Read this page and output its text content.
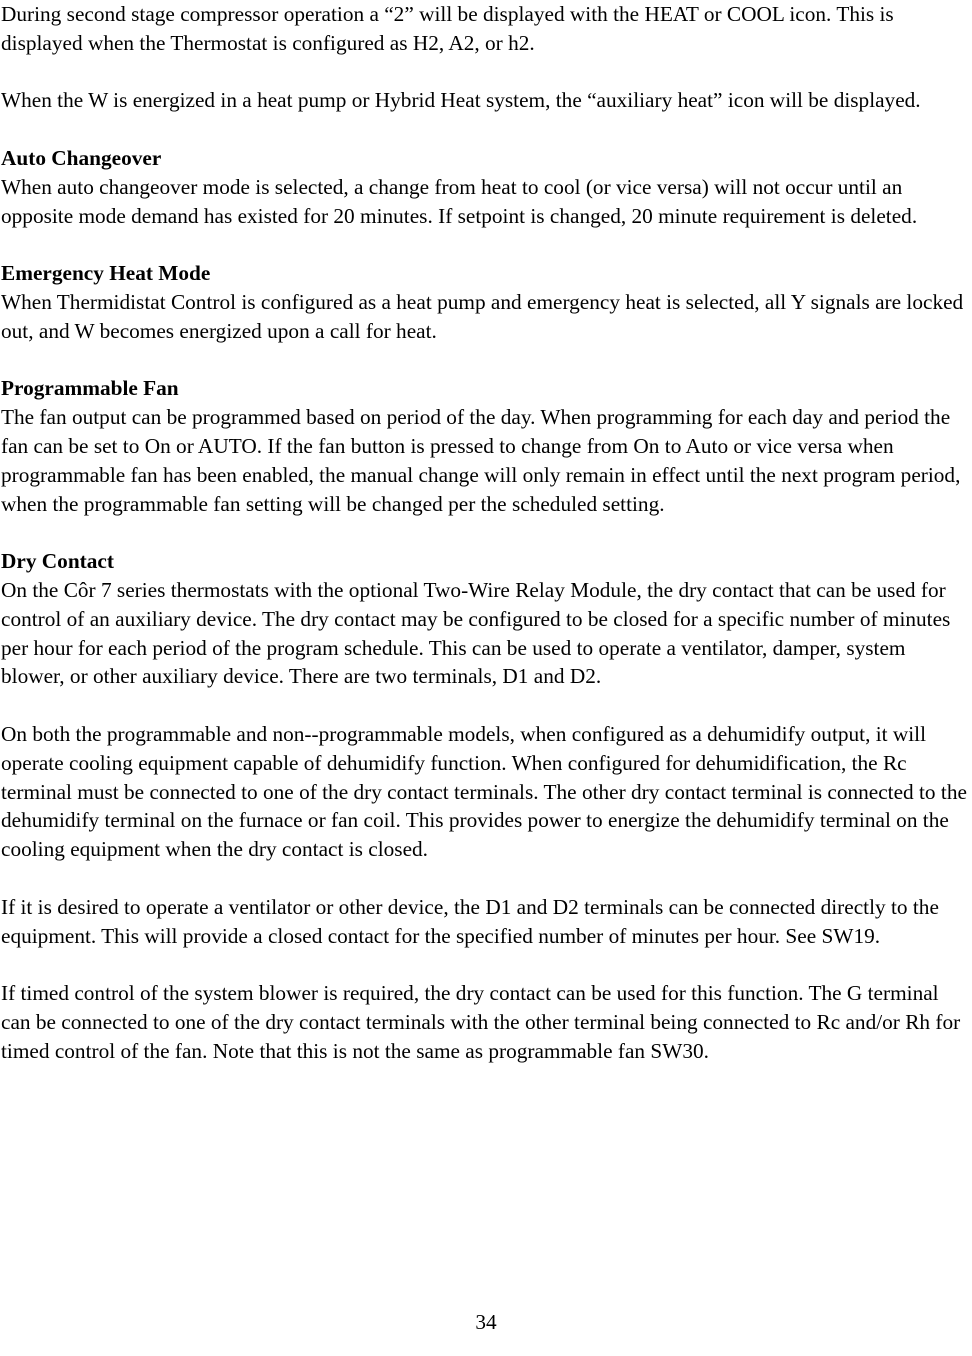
During second stage compressor operation a “2” will be displayed with the HEAT or COOL icon. This is displayed when the Thermostat is configured as H2, A2, or h2.

When the W is energized in a heat pump or Hybrid Heat system, the “auxiliary heat” icon will be displayed.

Auto Changeover

When auto changeover mode is selected, a change from heat to cool (or vice versa) will not occur until an opposite mode demand has existed for 20 minutes. If setpoint is changed, 20 minute requirement is deleted.

Emergency Heat Mode

When Thermidistat Control is configured as a heat pump and emergency heat is selected, all Y signals are locked out, and W becomes energized upon a call for heat.

Programmable Fan

The fan output can be programmed based on period of the day. When programming for each day and period the fan can be set to On or AUTO. If the fan button is pressed to change from On to Auto or vice versa when programmable fan has been enabled, the manual change will only remain in effect until the next program period, when the programmable fan setting will be changed per the scheduled setting.

Dry Contact

On the Côr 7 series thermostats with the optional Two-Wire Relay Module, the dry contact that can be used for control of an auxiliary device. The dry contact may be configured to be closed for a specific number of minutes per hour for each period of the program schedule. This can be used to operate a ventilator, damper, system blower, or other auxiliary device. There are two terminals, D1 and D2.

On both the programmable and non--programmable models, when configured as a dehumidify output, it will operate cooling equipment capable of dehumidify function. When configured for dehumidification, the Rc terminal must be connected to one of the dry contact terminals. The other dry contact terminal is connected to the dehumidify terminal on the furnace or fan coil. This provides power to energize the dehumidify terminal on the cooling equipment when the dry contact is closed.

If it is desired to operate a ventilator or other device, the D1 and D2 terminals can be connected directly to the equipment. This will provide a closed contact for the specified number of minutes per hour. See SW19.

If timed control of the system blower is required, the dry contact can be used for this function. The G terminal can be connected to one of the dry contact terminals with the other terminal being connected to Rc and/or Rh for timed control of the fan. Note that this is not the same as programmable fan SW30.

34
